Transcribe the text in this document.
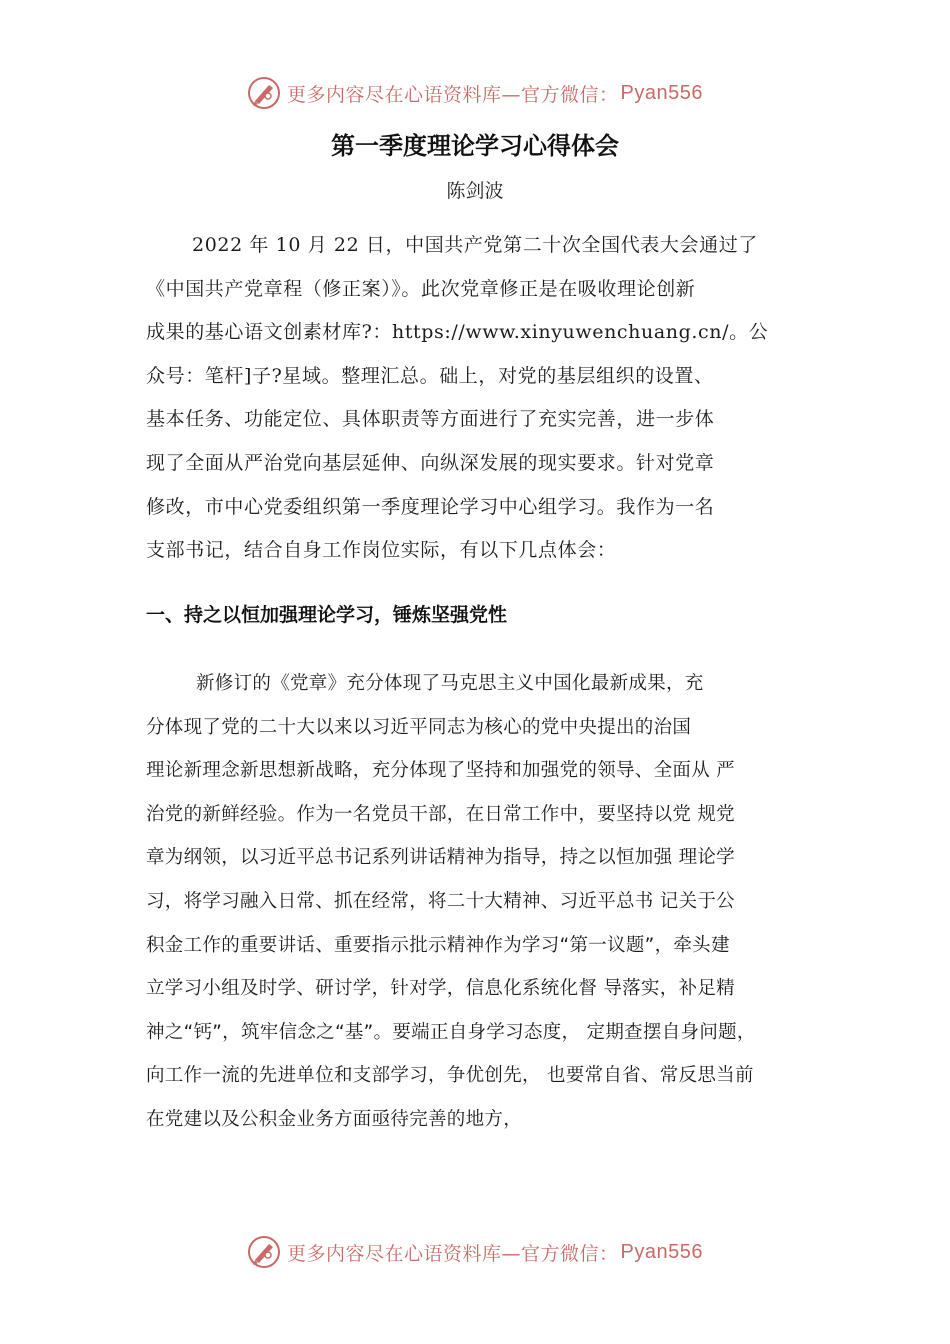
更多内容尽在心语资料库—官方微信： Pyan556
第一季度理论学习心得体会
陈剑波

2022 年 10 月 22 日，中国共产党第二十次全国代表大会通过了

《中国共产党章程（修正案）》。此次党章修正是在吸收理论创新

成果的基心语文创素材库?：https://www.xinyuwenchuang.cn/。公

众号：笔杆]子?星域。整理汇总。础上，对党的基层组织的设置、

基本任务、功能定位、具体职责等方面进行了充实完善，进一步体

现了全面从严治党向基层延伸、向纵深发展的现实要求。针对党章

修改，市中心党委组织第一季度理论学习中心组学习。我作为一名

支部书记，结合自身工作岗位实际，有以下几点体会：

一、持之以恒加强理论学习，锤炼坚强党性

新修订的《党章》充分体现了马克思主义中国化最新成果，充

分体现了党的二十大以来以习近平同志为核心的党中央提出的治国

理论新理念新思想新战略，充分体现了坚持和加强党的领导、全面从 严

治党的新鲜经验。作为一名党员干部，在日常工作中，要坚持以党 规党

章为纲领，以习近平总书记系列讲话精神为指导，持之以恒加强 理论学

习，将学习融入日常、抓在经常，将二十大精神、习近平总书 记关于公

积金工作的重要讲话、重要指示批示精神作为学习“第一议题”，牵头建

立学习小组及时学、研讨学，针对学，信息化系统化督 导落实，补足精

神之“钙”，筑牢信念之“基”。要端正自身学习态度， 定期查摆自身问题，

向工作一流的先进单位和支部学习，争优创先， 也要常自省、常反思当前

在党建以及公积金业务方面亟待完善的地方，

更多内容尽在心语资料库—官方微信： Pyan556
